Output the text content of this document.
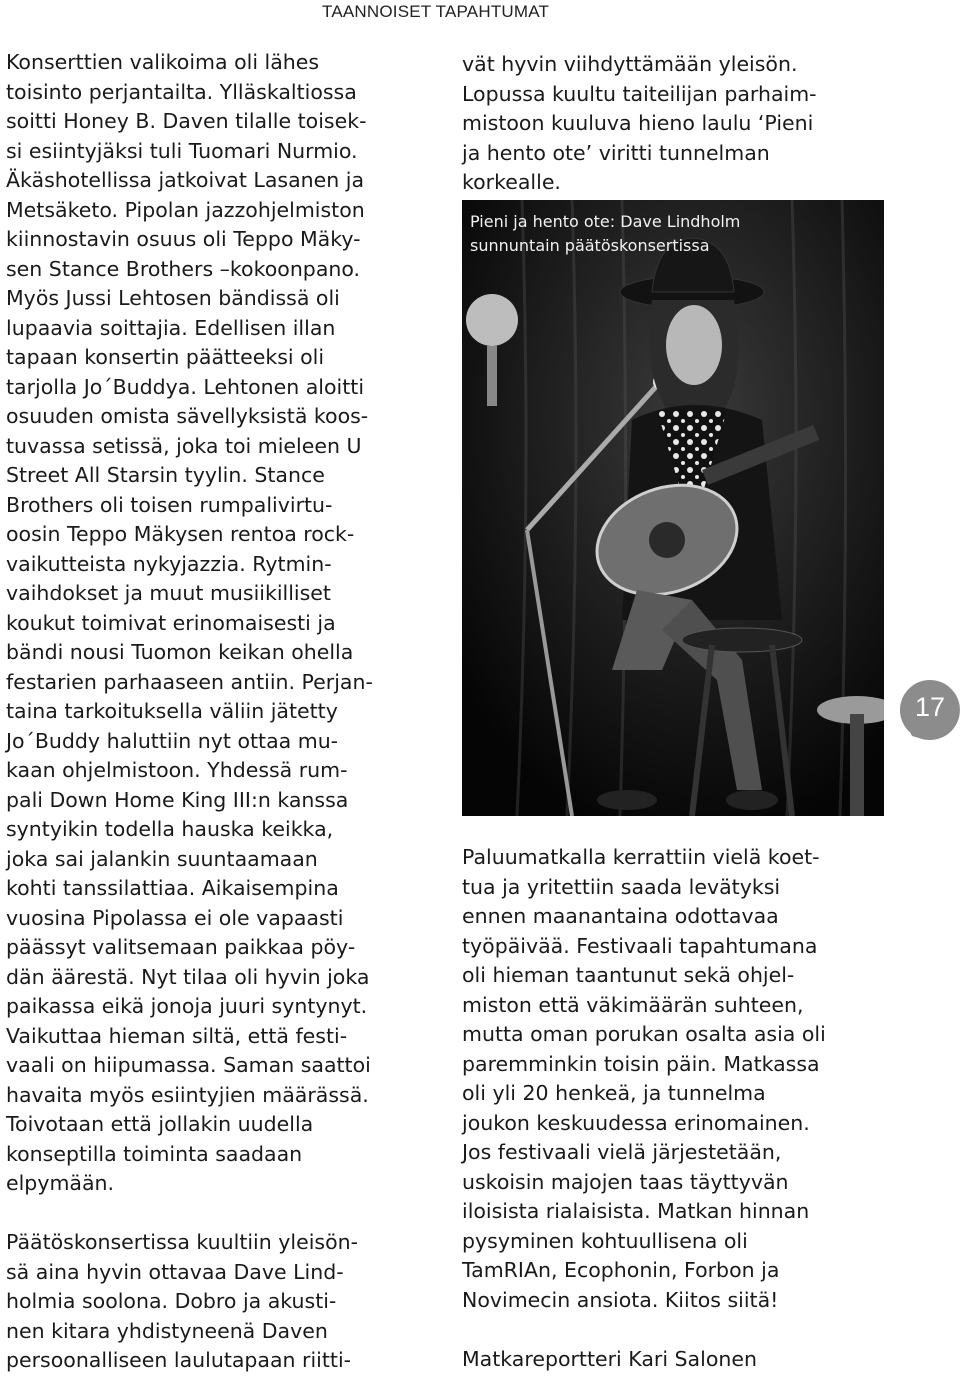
TAANNOISET TAPAHTUMAT

Konserttien valikoima oli lähes
toisinto perjantailta. Ylläskaltiossa
soitti Honey B. Daven tilalle toisek-
si esiintyjäksi tuli Tuomari Nurmio.
Äkäshotellissa jatkoivat Lasanen ja
Metsäketo. Pipolan jazzohjelmiston
kiinnostavin osuus oli Teppo Mäky-
sen Stance Brothers –kokoonpano.
Myös Jussi Lehtosen bändissä oli
lupaavia soittajia. Edellisen illan
tapaan konsertin päätteeksi oli
tarjolla Jo´Buddya. Lehtonen aloitti
osuuden omista sävellyksistä koos-
tuvassa setissä, joka toi mieleen U
Street All Starsin tyylin. Stance
Brothers oli toisen rumpalivirtu-
oosin Teppo Mäkysen rentoa rock-
vaikutteista nykyjazzia. Rytmin-
vaihdokset ja muut musiikilliset
koukut toimivat erinomaisesti ja
bändi nousi Tuomon keikan ohella
festarien parhaaseen antiin. Perjan-
taina tarkoituksella väliin jätetty
Jo´Buddy haluttiin nyt ottaa mu-
kaan ohjelmistoon. Yhdessä rum-
pali Down Home King III:n kanssa
syntyikin todella hauska keikka,
joka sai jalankin suuntaamaan
kohti tanssilattiaa. Aikaisempina
vuosina Pipolassa ei ole vapaasti
päässyt valitsemaan paikkaa pöy-
dän äärestä. Nyt tilaa oli hyvin joka
paikassa eikä jonoja juuri syntynyt.
Vaikuttaa hieman siltä, että festi-
vaali on hiipumassa. Saman saattoi
havaita myös esiintyjien määrässä.
Toivotaan että jollakin uudella
konseptilla toiminta saadaan
elpymään.

Päätöskonsertissa kuultiin yleisön-
sä aina hyvin ottavaa Dave Lind-
holmia soolona. Dobro ja akusti-
nen kitara yhdistyneenä Daven
persoonalliseen laulutapaan riitti-

vät hyvin viihdyttämään yleisön.
Lopussa kuultu taiteilijan parhaim-
mistoon kuuluva hieno laulu ‘Pieni
ja hento ote’ viritti tunnelman
korkealle.

Pieni ja hento ote: Dave Lindholm
sunnuntain päätöskonsertissa

Paluumatkalla kerrattiin vielä koet-
tua ja yritettiin saada levätyksi
ennen maanantaina odottavaa
työpäivää. Festivaali tapahtumana
oli hieman taantunut sekä ohjel-
miston että väkimäärän suhteen,
mutta oman porukan osalta asia oli
paremminkin toisin päin. Matkassa
oli yli 20 henkeä, ja tunnelma
joukon keskuudessa erinomainen.
Jos festivaali vielä järjestetään,
uskoisin majojen taas täyttyvän
iloisista rialaisista. Matkan hinnan
pysyminen kohtuullisena oli
TamRIAn, Ecophonin, Forbon ja
Novimecin ansiota. Kiitos siitä!

Matkareportteri Kari Salonen

17
